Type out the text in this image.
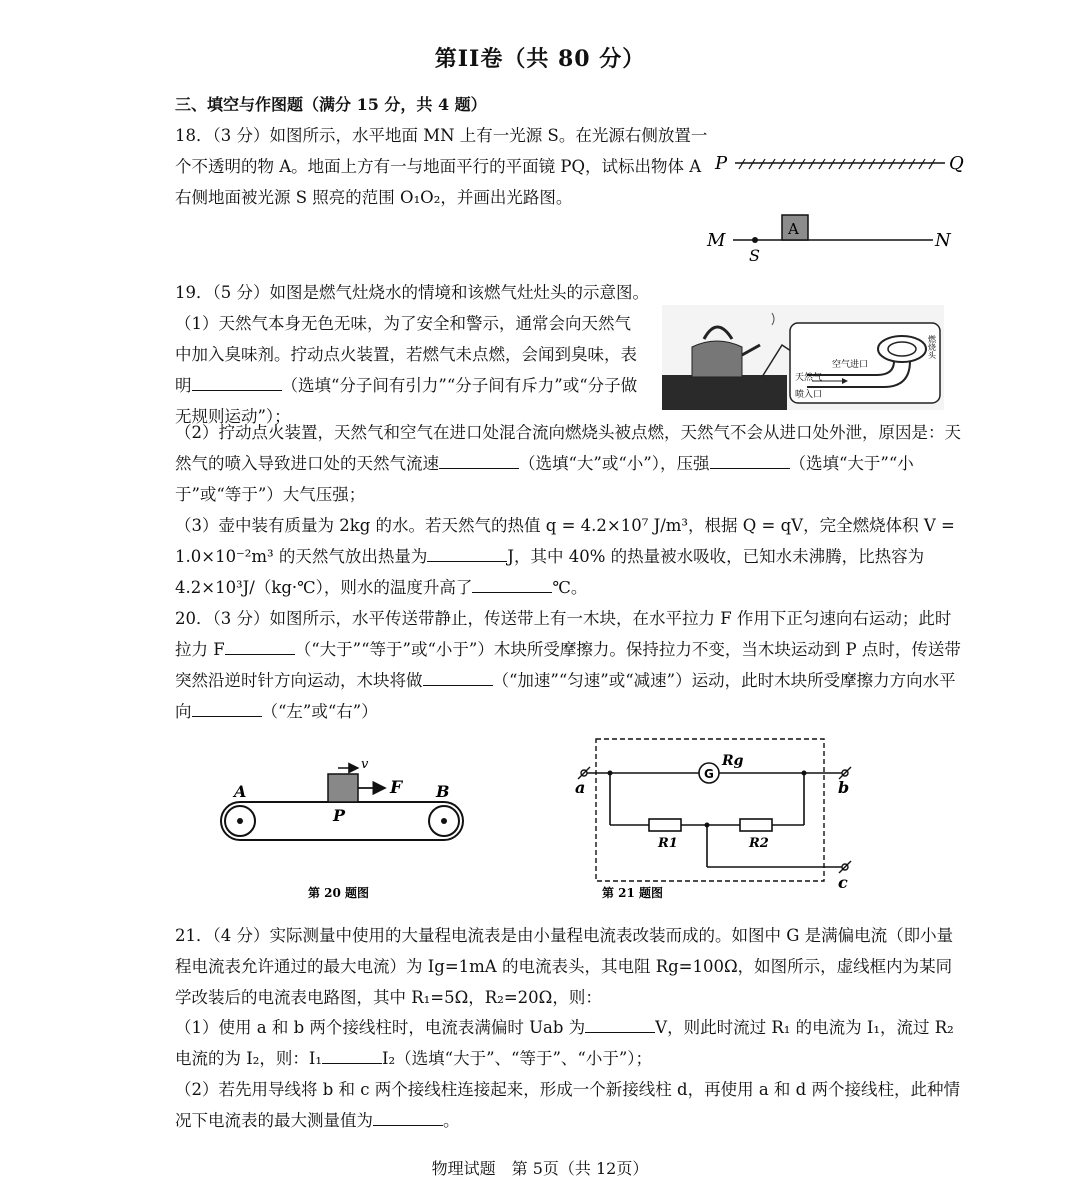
第II卷（共 80 分）
三、填空与作图题（满分 15 分，共 4 题）
18．（3 分）如图所示，水平地面 MN 上有一光源 S。在光源右侧放置一个不透明的物 A。地面上方有一与地面平行的平面镜 PQ，试标出物体 A 右侧地面被光源 S 照亮的范围 O₁O₂，并画出光路图。
P	Q
M	N
S
A
19．（5 分）如图是燃气灶烧水的情境和该燃气灶灶头的示意图。
（1）天然气本身无色无味，为了安全和警示，通常会向天然气中加入臭味剂。拧动点火装置，若燃气未点燃，会闻到臭味，表明	（选填“分子间有引力”“分子间有斥力”或“分子做无规则运动”）；
空气进口
天然气
喷入口
燃烧头
（2）拧动点火装置，天然气和空气在进口处混合流向燃烧头被点燃，天然气不会从进口处外泄，原因是：天然气的喷入导致进口处的天然气流速	（选填“大”或“小”），压强	（选填“大于”“小于”或“等于”）大气压强；
（3）壶中装有质量为 2kg 的水。若天然气的热值 q = 4.2×10⁷ J/m³，根据 Q = qV，完全燃烧体积 V = 1.0×10⁻²m³ 的天然气放出热量为	J，其中 40% 的热量被水吸收，已知水未沸腾，比热容为 4.2×10³J/（kg·℃），则水的温度升高了	℃。
20．（3 分）如图所示，水平传送带静止，传送带上有一木块，在水平拉力 F 作用下正匀速向右运动；此时拉力 F	（“大于”“等于”或“小于”）木块所受摩擦力。保持拉力不变，当木块运动到 P 点时，传送带突然沿逆时针方向运动，木块将做	（“加速”“匀速”或“减速”）运动，此时木块所受摩擦力方向水平向	（“左”或“右”）
F
v
A	B
P
第 20 题图
G
Rg
R1	R2
a	b
c
第 21 题图
21．（4 分）实际测量中使用的大量程电流表是由小量程电流表改装而成的。如图中 G 是满偏电流（即小量程电流表允许通过的最大电流）为 Ig=1mA 的电流表头，其电阻 Rg=100Ω，如图所示，虚线框内为某同学改装后的电流表电路图，其中 R₁=5Ω，R₂=20Ω，则：
（1）使用 a 和 b 两个接线柱时，电流表满偏时 Uab 为	V，则此时流过 R₁ 的电流为 I₁，流过 R₂ 电流的为 I₂，则：I₁	I₂（选填“大于”、“等于”、“小于”）；
（2）若先用导线将 b 和 c 两个接线柱连接起来，形成一个新接线柱 d，再使用 a 和 d 两个接线柱，此种情况下电流表的最大测量值为	。
物理试题　第 5页（共 12页）
